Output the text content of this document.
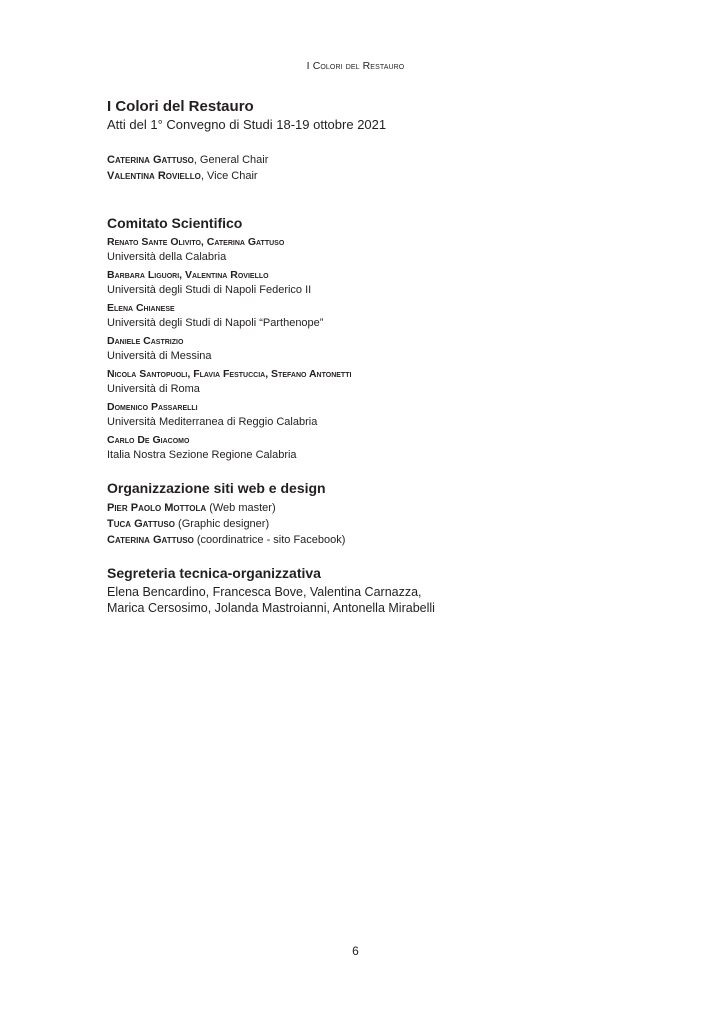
I Colori del Restauro
I Colori del Restauro

Atti del 1° Convegno di Studi 18-19 ottobre 2021

Caterina Gattuso, General Chair

Valentina Roviello, Vice Chair

Comitato Scientifico

Renato Sante Olivito, Caterina Gattuso

Università della Calabria

Barbara Liguori, Valentina Roviello

Università degli Studi di Napoli Federico II

Elena Chianese

Università degli Studi di Napoli “Parthenope”

Daniele Castrizio

Università di Messina

Nicola Santopuoli, Flavia Festuccia, Stefano Antonetti

Università di Roma

Domenico Passarelli

Università Mediterranea di Reggio Calabria

Carlo De Giacomo

Italia Nostra Sezione Regione Calabria

Organizzazione siti web e design

Pier Paolo Mottola (Web master)

Tuca Gattuso (Graphic designer)

Caterina Gattuso (coordinatrice - sito Facebook)

Segreteria tecnica-organizzativa

Elena Bencardino, Francesca Bove, Valentina Carnazza,

Marica Cersosimo, Jolanda Mastroianni, Antonella Mirabelli

6
